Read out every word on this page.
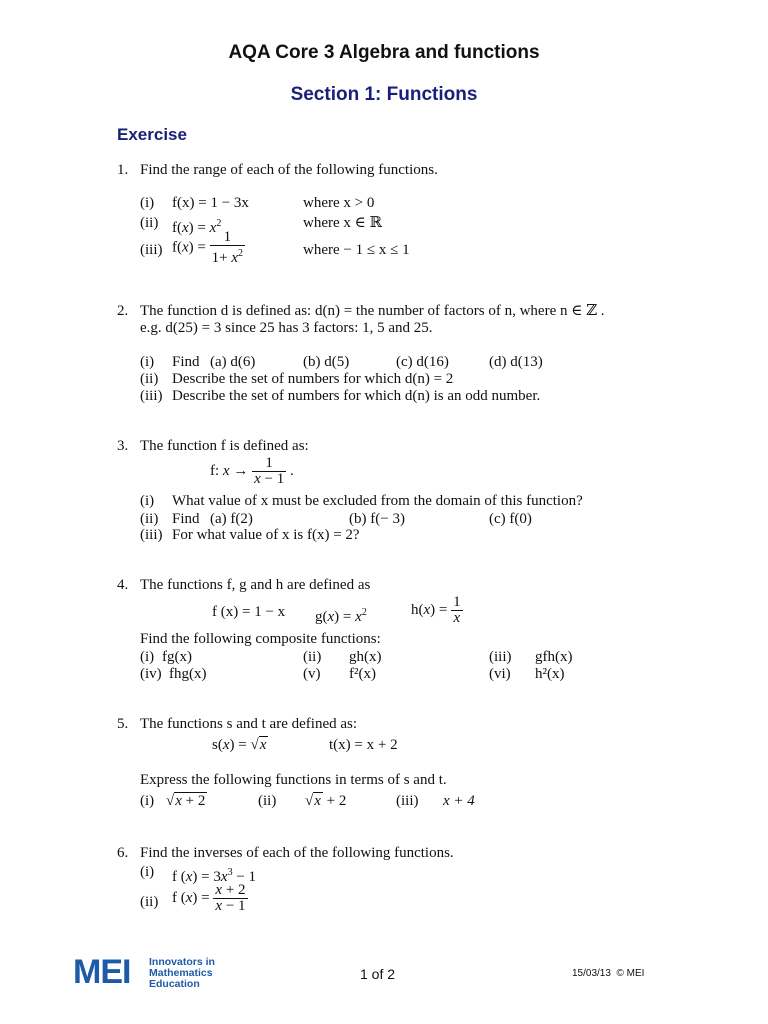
AQA Core 3 Algebra and functions
Section 1: Functions
Exercise
1. Find the range of each of the following functions.
(i) f(x) = 1 − 3x	where x > 0
(ii) $f(x) = x^2$	where x ∈ ℝ
(iii) $f(x) = \frac{1}{1+ x^2}$	where − 1 ≤ x ≤ 1
2. The function d is defined as: d(n) = the number of factors of n, where n ∈ ℤ .
e.g. d(25) = 3 since 25 has 3 factors: 1, 5 and 25.
(i) Find (a) d(6)	(b) d(5)	(c) d(16)	(d) d(13)
(ii) Describe the set of numbers for which d(n) = 2
(iii) Describe the set of numbers for which d(n) is an odd number.
3. The function f is defined as:
f: $x \to \frac{1}{x - 1}$ .
(i) What value of x must be excluded from the domain of this function?
(ii) Find (a) f(2)	(b) f(− 3)	(c) f(0)
(iii) For what value of x is f(x) = 2?
4. The functions f, g and h are defined as
f (x) = 1 − x $g(x) = x^2$	$h(x) = \frac{1}{x}$
Find the following composite functions:
(i) fg(x)	(ii) gh(x)	(iii) gfh(x)
(iv) fhg(x)	(v) f²(x)	(vi) h²(x)
5. The functions s and t are defined as:
s(x) = √x	t(x) = x + 2
Express the following functions in terms of s and t.
(i) √x + 2	(ii) √x + 2	(iii) x + 4
6. Find the inverses of each of the following functions.
(i) f $(x) = 3x^3 - 1$
(ii) f $(x) = \frac{x + 2}{x - 1}$
MEI Innovators in Mathematics Education
1 of 2	15/03/13 © MEI
